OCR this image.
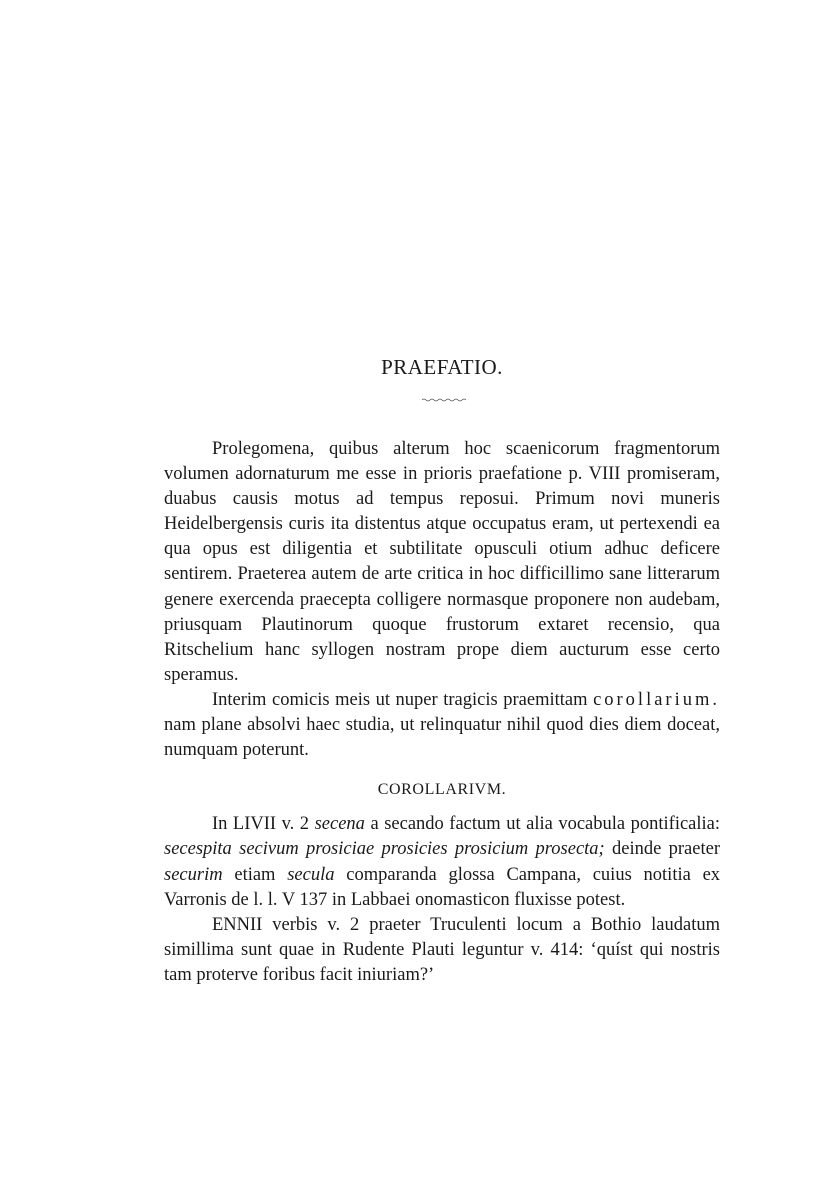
PRAEFATIO.

Prolegomena, quibus alterum hoc scaenicorum fragmentorum volumen adornaturum me esse in prioris praefatione p. VIII promiseram, duabus causis motus ad tempus reposui. Primum novi muneris Heidelbergensis curis ita distentus atque occupatus eram, ut pertexendi ea qua opus est diligentia et subtilitate opusculi otium adhuc deficere sentirem. Praeterea autem de arte critica in hoc difficillimo sane litterarum genere exercenda praecepta colligere normasque proponere non audebam, priusquam Plautinorum quoque frustorum extaret recensio, qua Ritschelium hanc syllogen nostram prope diem aucturum esse certo speramus.

Interim comicis meis ut nuper tragicis praemittam corollarium. nam plane absolvi haec studia, ut relinquatur nihil quod dies diem doceat, numquam poterunt.

COROLLARIVM.

In LIVII v. 2 secena a secando factum ut alia vocabula pontificalia: secespita secivum prosiciae prosicies prosicium prosecta; deinde praeter securim etiam secula comparanda glossa Campana, cuius notitia ex Varronis de l. l. V 137 in Labbaei onomasticon fluxisse potest.

ENNII verbis v. 2 praeter Truculenti locum a Bothio laudatum simillima sunt quae in Rudente Plauti leguntur v. 414: ‘quíst qui nostris tam proterve foribus facit iniuriam?’
